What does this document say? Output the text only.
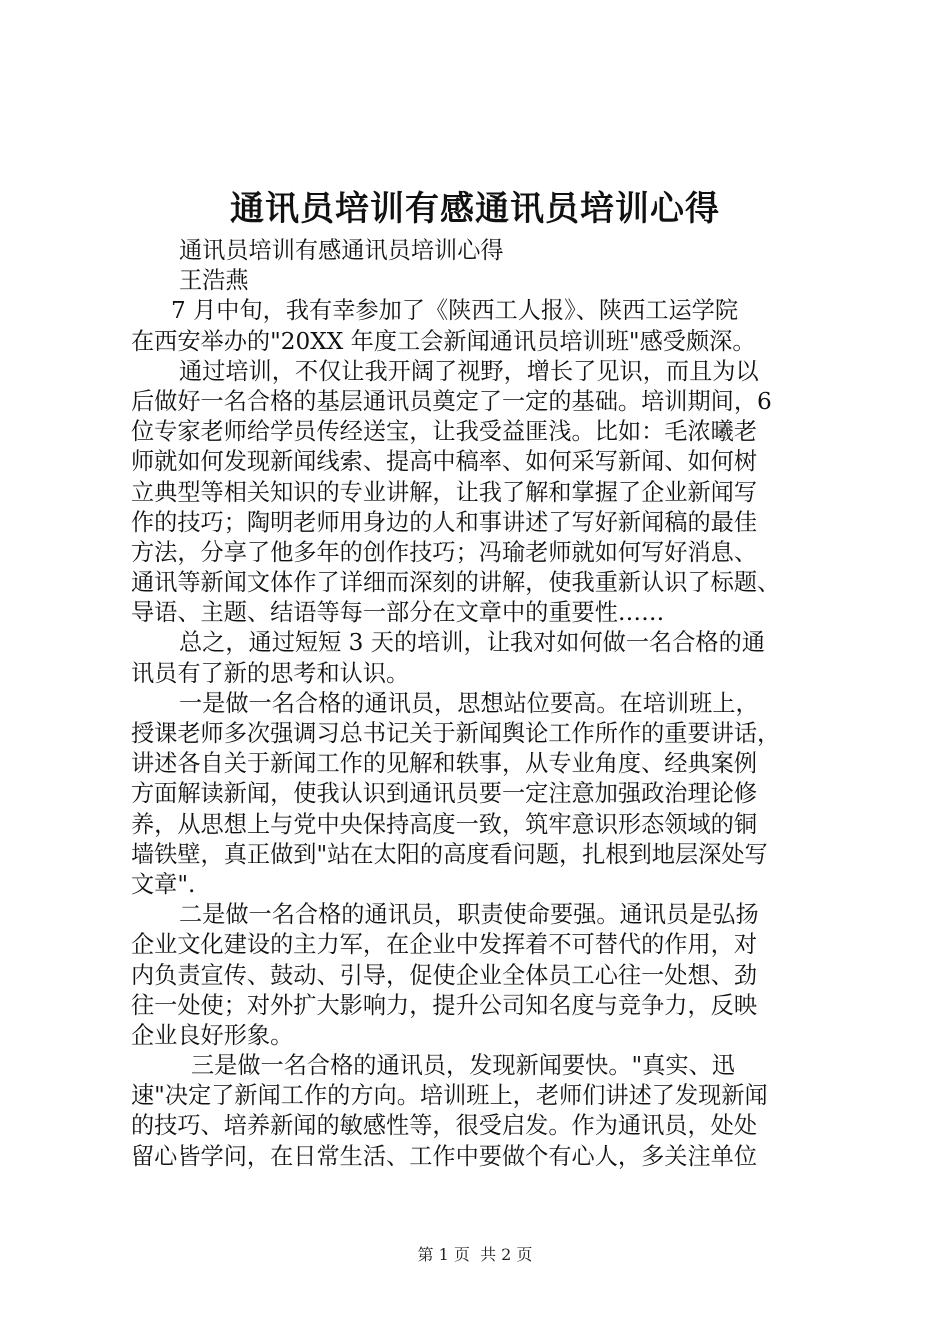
通讯员培训有感通讯员培训心得
通讯员培训有感通讯员培训心得
王浩燕
7 月中旬，我有幸参加了《陕西工人报》、陕西工运学院
在西安举办的"20XX 年度工会新闻通讯员培训班"感受颇深。
通过培训，不仅让我开阔了视野，增长了见识，而且为以
后做好一名合格的基层通讯员奠定了一定的基础。培训期间，6
位专家老师给学员传经送宝，让我受益匪浅。比如：毛浓曦老
师就如何发现新闻线索、提高中稿率、如何采写新闻、如何树
立典型等相关知识的专业讲解，让我了解和掌握了企业新闻写
作的技巧；陶明老师用身边的人和事讲述了写好新闻稿的最佳
方法，分享了他多年的创作技巧；冯瑜老师就如何写好消息、
通讯等新闻文体作了详细而深刻的讲解，使我重新认识了标题、
导语、主题、结语等每一部分在文章中的重要性……
总之，通过短短 3 天的培训，让我对如何做一名合格的通
讯员有了新的思考和认识。
一是做一名合格的通讯员，思想站位要高。在培训班上，
授课老师多次强调习总书记关于新闻舆论工作所作的重要讲话，
讲述各自关于新闻工作的见解和轶事，从专业角度、经典案例
方面解读新闻，使我认识到通讯员要一定注意加强政治理论修
养，从思想上与党中央保持高度一致，筑牢意识形态领域的铜
墙铁壁，真正做到"站在太阳的高度看问题，扎根到地层深处写
文章".
二是做一名合格的通讯员，职责使命要强。通讯员是弘扬
企业文化建设的主力军，在企业中发挥着不可替代的作用，对
内负责宣传、鼓动、引导，促使企业全体员工心往一处想、劲
往一处使；对外扩大影响力，提升公司知名度与竞争力，反映
企业良好形象。
三是做一名合格的通讯员，发现新闻要快。"真实、迅
速"决定了新闻工作的方向。培训班上，老师们讲述了发现新闻
的技巧、培养新闻的敏感性等，很受启发。作为通讯员，处处
留心皆学问，在日常生活、工作中要做个有心人，多关注单位
第 1 页  共 2 页
